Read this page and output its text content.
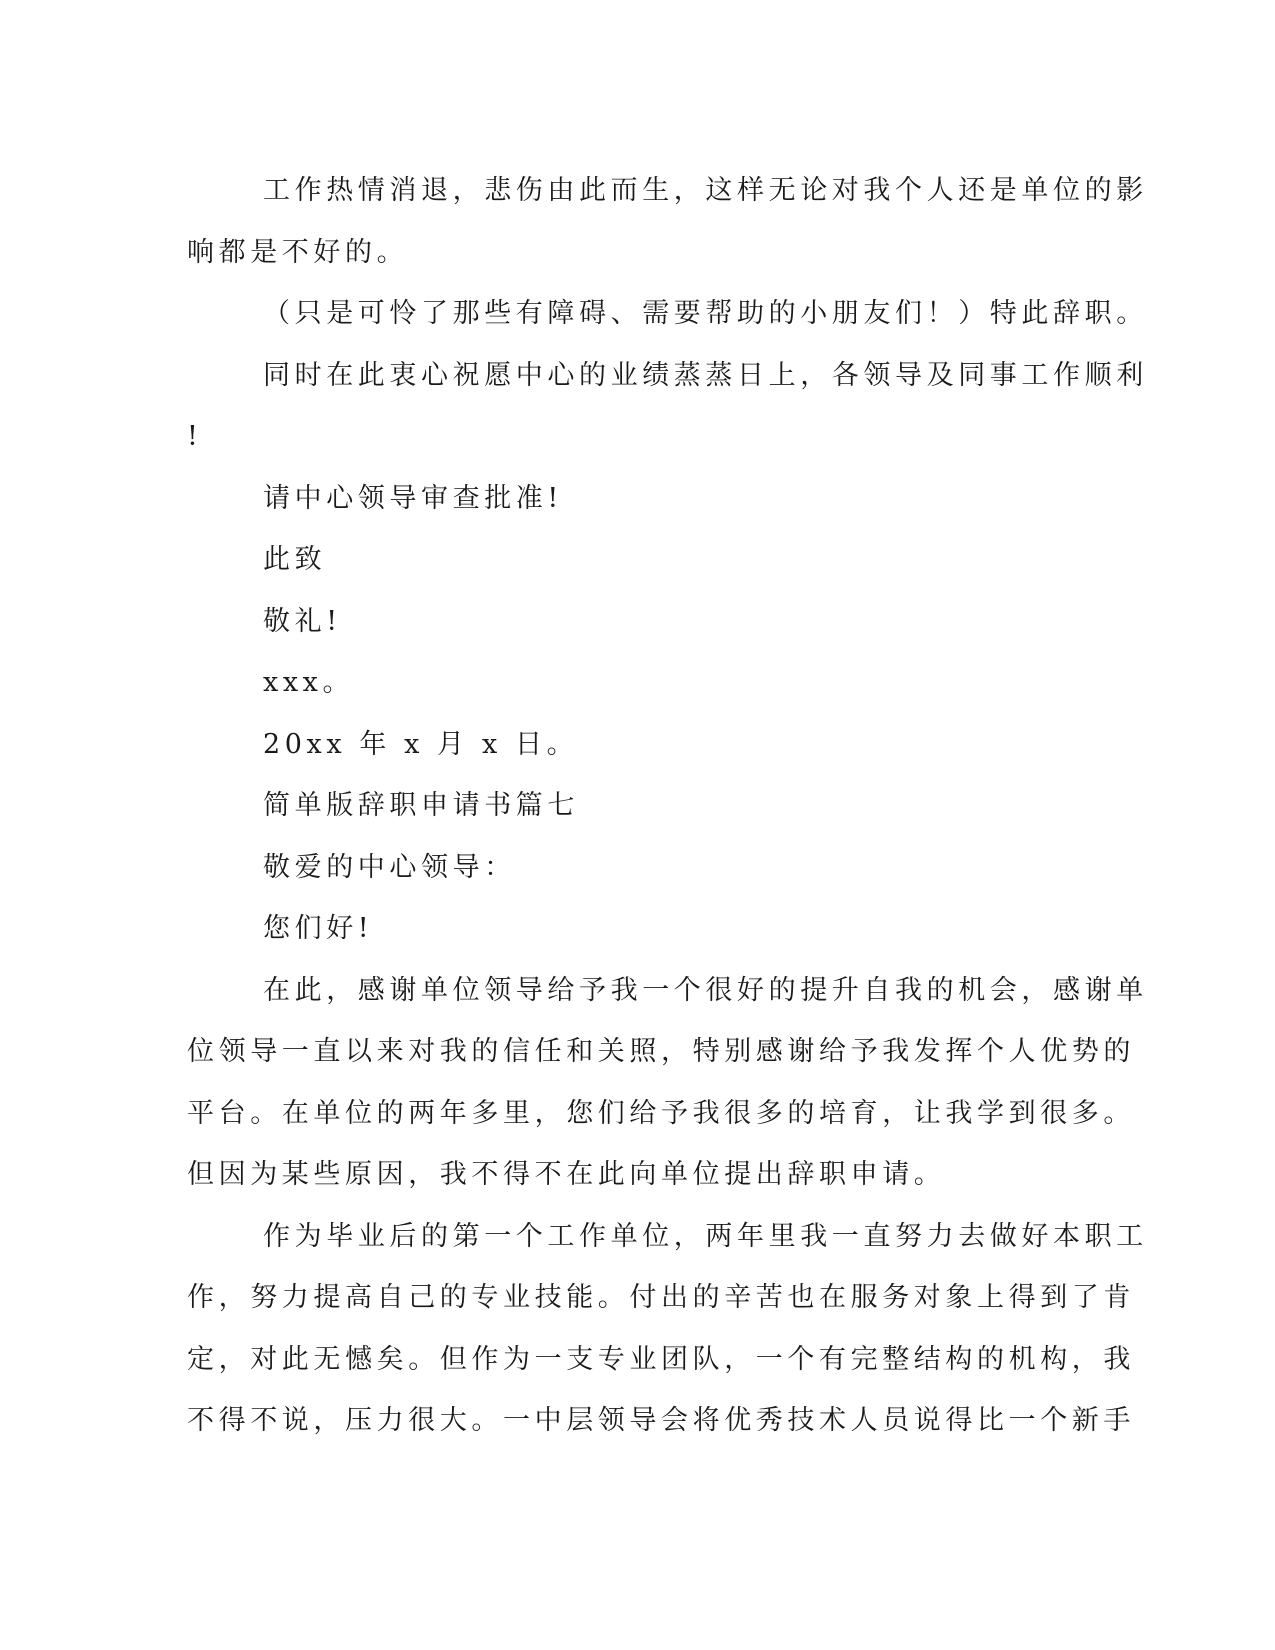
工作热情消退，悲伤由此而生，这样无论对我个人还是单位的影
响都是不好的。
（只是可怜了那些有障碍、需要帮助的小朋友们！）特此辞职。
同时在此衷心祝愿中心的业绩蒸蒸日上，各领导及同事工作顺利
!
请中心领导审查批准!
此致
敬礼!
xxx。
20xx 年 x 月 x 日。
简单版辞职申请书篇七
敬爱的中心领导：
您们好!
在此，感谢单位领导给予我一个很好的提升自我的机会，感谢单
位领导一直以来对我的信任和关照，特别感谢给予我发挥个人优势的
平台。在单位的两年多里，您们给予我很多的培育，让我学到很多。
但因为某些原因，我不得不在此向单位提出辞职申请。
作为毕业后的第一个工作单位，两年里我一直努力去做好本职工
作，努力提高自己的专业技能。付出的辛苦也在服务对象上得到了肯
定，对此无憾矣。但作为一支专业团队，一个有完整结构的机构，我
不得不说，压力很大。一中层领导会将优秀技术人员说得比一个新手
